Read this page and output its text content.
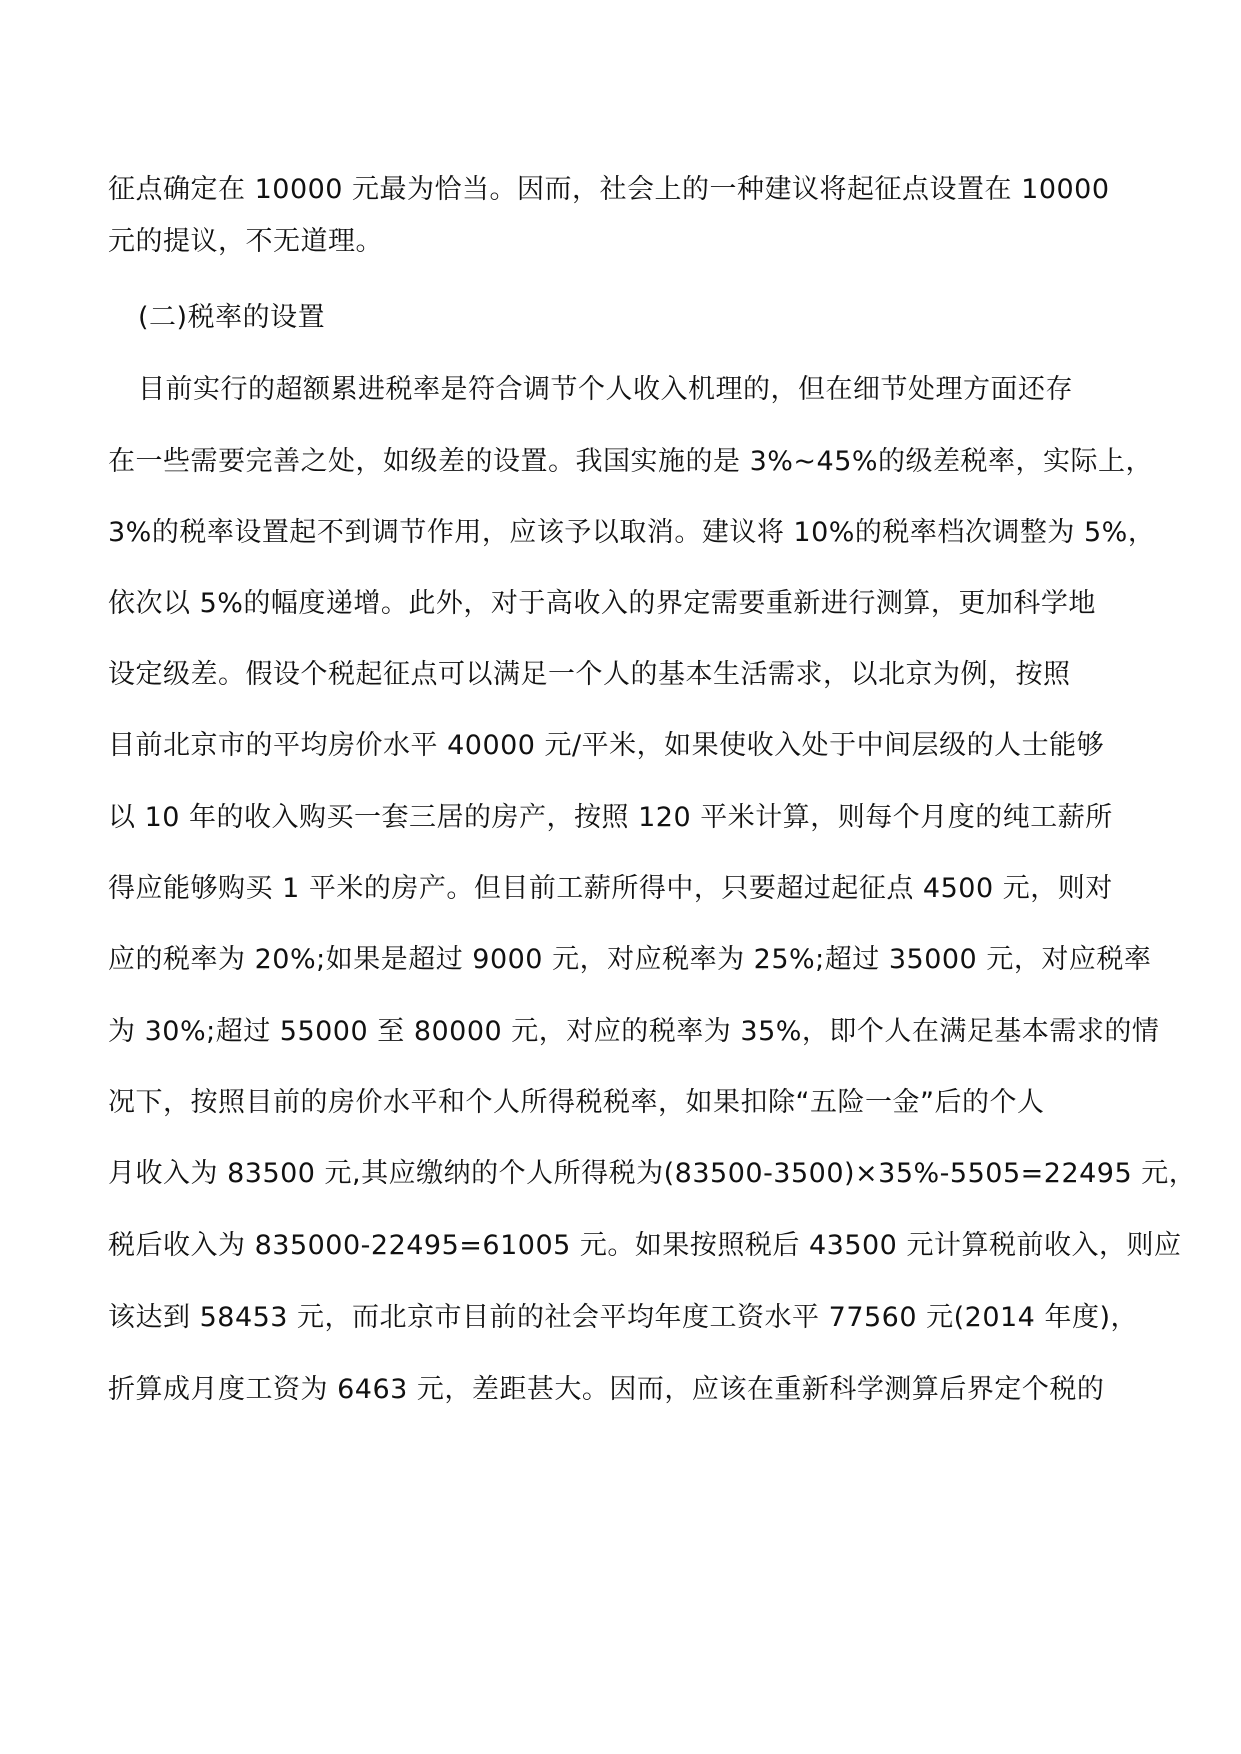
征点确定在 10000 元最为恰当。因而，社会上的一种建议将起征点设置在 10000
元的提议，不无道理。
(二)税率的设置
目前实行的超额累进税率是符合调节个人收入机理的，但在细节处理方面还存
在一些需要完善之处，如级差的设置。我国实施的是 3%~45%的级差税率，实际上，
3%的税率设置起不到调节作用，应该予以取消。建议将 10%的税率档次调整为 5%，
依次以 5%的幅度递增。此外，对于高收入的界定需要重新进行测算，更加科学地
设定级差。假设个税起征点可以满足一个人的基本生活需求，以北京为例，按照
目前北京市的平均房价水平 40000 元/平米，如果使收入处于中间层级的人士能够
以 10 年的收入购买一套三居的房产，按照 120 平米计算，则每个月度的纯工薪所
得应能够购买 1 平米的房产。但目前工薪所得中，只要超过起征点 4500 元，则对
应的税率为 20%;如果是超过 9000 元，对应税率为 25%;超过 35000 元，对应税率
为 30%;超过 55000 至 80000 元，对应的税率为 35%，即个人在满足基本需求的情
况下，按照目前的房价水平和个人所得税税率，如果扣除“五险一金”后的个人
月收入为 83500 元,其应缴纳的个人所得税为(83500-3500)×35%-5505=22495 元，
税后收入为 835000-22495=61005 元。如果按照税后 43500 元计算税前收入，则应
该达到 58453 元，而北京市目前的社会平均年度工资水平 77560 元(2014 年度)，
折算成月度工资为 6463 元，差距甚大。因而，应该在重新科学测算后界定个税的
